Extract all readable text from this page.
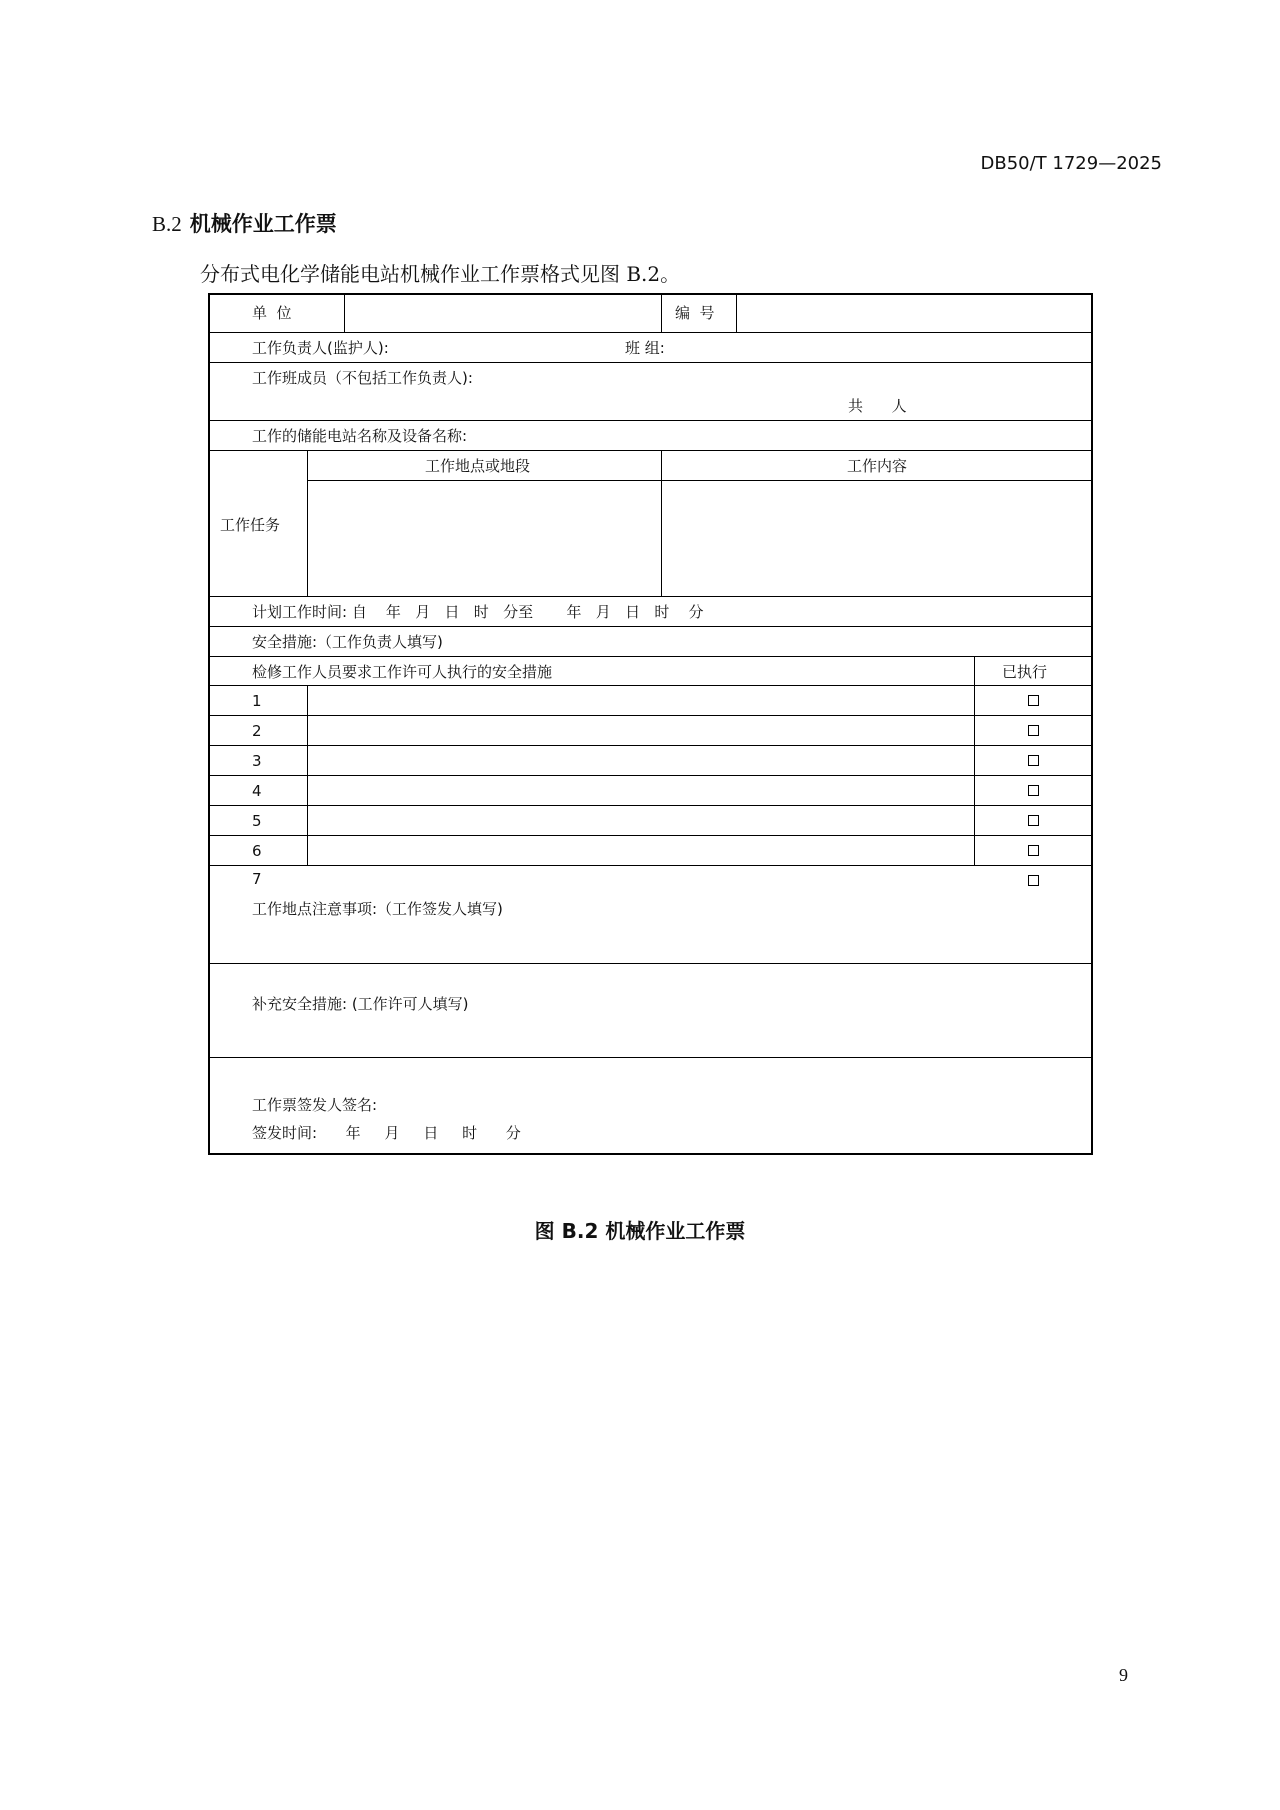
DB50/T 1729—2025
B.2 机械作业工作票
分布式电化学储能电站机械作业工作票格式见图 B.2。
单  位	编  号
工作负责人(监护人):	班 组:
工作班成员（不包括工作负责人):
共      人
工作的储能电站名称及设备名称:
工作任务
工作地点或地段	工作内容
计划工作时间: 自    年   月   日   时   分至       年   月   日   时    分
安全措施:（工作负责人填写)
检修工作人员要求工作许可人执行的安全措施	已执行
1
2
3
4
5
6
7
工作地点注意事项:（工作签发人填写)
补充安全措施: (工作许可人填写)
工作票签发人签名:
签发时间:      年     月     日     时      分
图 B.2 机械作业工作票
9
